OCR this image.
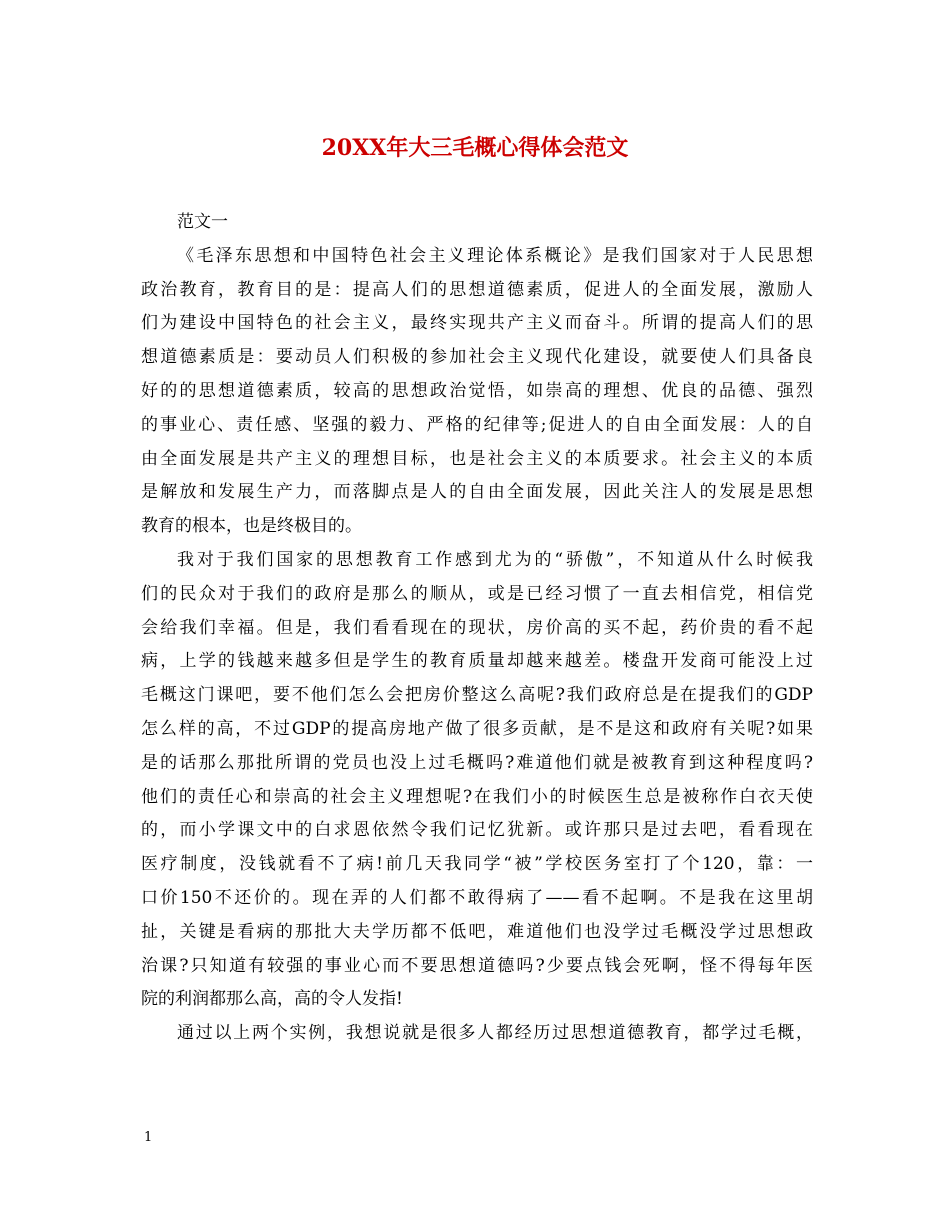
20XX年大三毛概心得体会范文
范文一
《毛泽东思想和中国特色社会主义理论体系概论》是我们国家对于人民思想
政治教育，教育目的是：提高人们的思想道德素质，促进人的全面发展，激励人
们为建设中国特色的社会主义，最终实现共产主义而奋斗。所谓的提高人们的思
想道德素质是：要动员人们积极的参加社会主义现代化建设，就要使人们具备良
好的的思想道德素质，较高的思想政治觉悟，如崇高的理想、优良的品德、强烈
的事业心、责任感、坚强的毅力、严格的纪律等;促进人的自由全面发展：人的自
由全面发展是共产主义的理想目标，也是社会主义的本质要求。社会主义的本质
是解放和发展生产力，而落脚点是人的自由全面发展，因此关注人的发展是思想
教育的根本，也是终极目的。
我对于我们国家的思想教育工作感到尤为的“骄傲”，不知道从什么时候我
们的民众对于我们的政府是那么的顺从，或是已经习惯了一直去相信党，相信党
会给我们幸福。但是，我们看看现在的现状，房价高的买不起，药价贵的看不起
病，上学的钱越来越多但是学生的教育质量却越来越差。楼盘开发商可能没上过
毛概这门课吧，要不他们怎么会把房价整这么高呢?我们政府总是在提我们的GDP
怎么样的高，不过GDP的提高房地产做了很多贡献，是不是这和政府有关呢?如果
是的话那么那批所谓的党员也没上过毛概吗?难道他们就是被教育到这种程度吗?
他们的责任心和崇高的社会主义理想呢?在我们小的时候医生总是被称作白衣天使
的，而小学课文中的白求恩依然令我们记忆犹新。或许那只是过去吧，看看现在
医疗制度，没钱就看不了病!前几天我同学“被”学校医务室打了个120，靠：一
口价150不还价的。现在弄的人们都不敢得病了——看不起啊。不是我在这里胡
扯，关键是看病的那批大夫学历都不低吧，难道他们也没学过毛概没学过思想政
治课?只知道有较强的事业心而不要思想道德吗?少要点钱会死啊，怪不得每年医
院的利润都那么高，高的令人发指!
通过以上两个实例，我想说就是很多人都经历过思想道德教育，都学过毛概，
1
